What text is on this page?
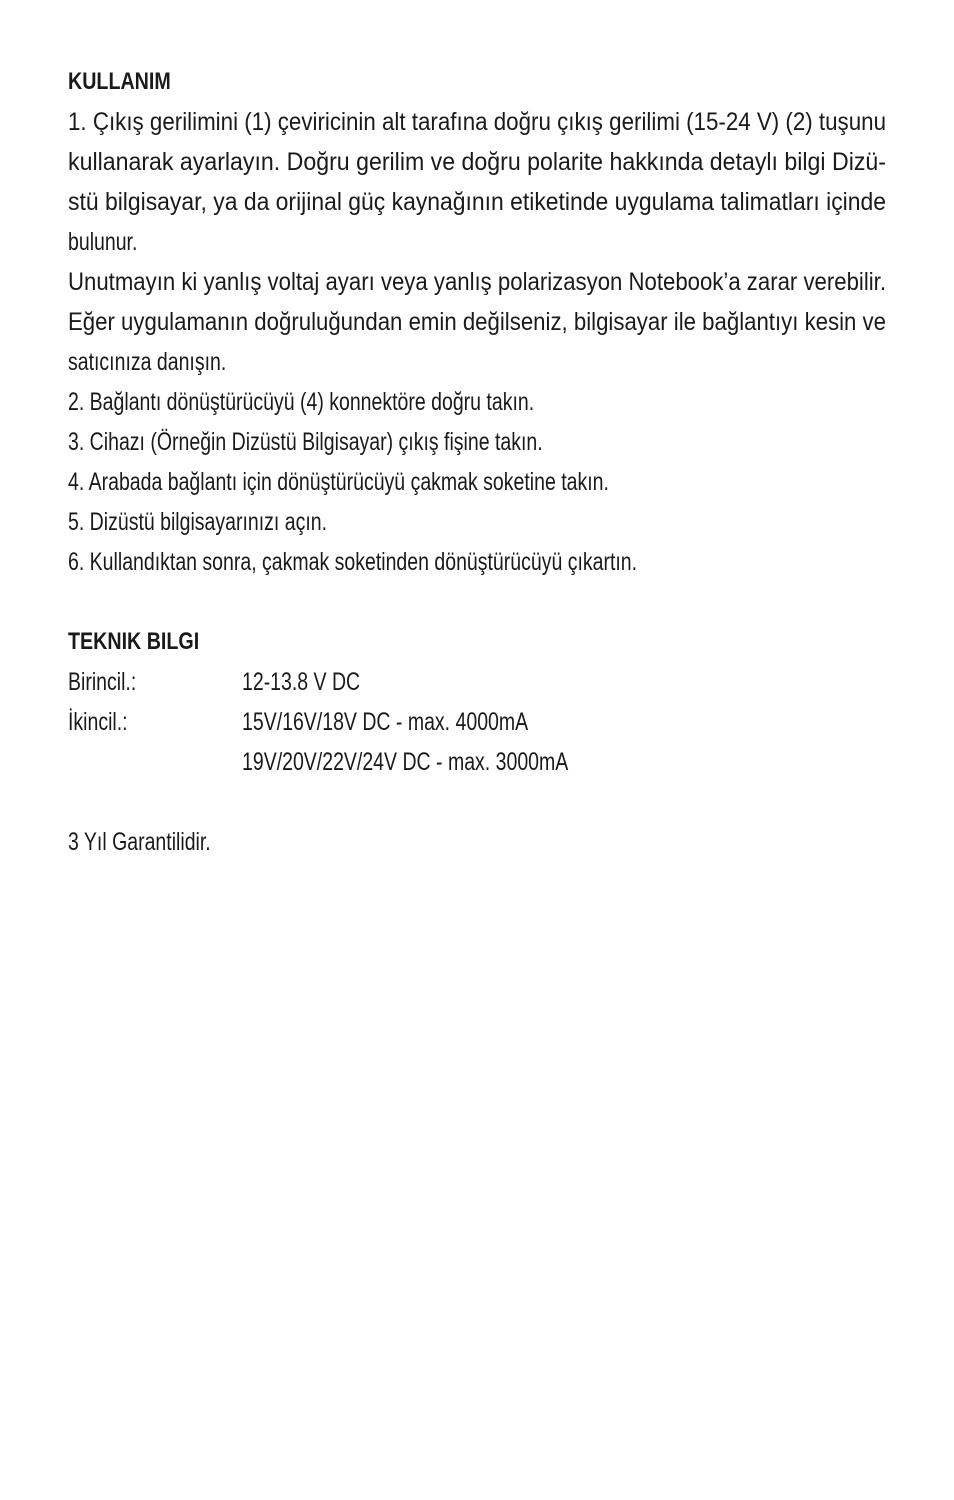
KULLANIM
1. Çıkış gerilimini (1) çeviricinin alt tarafına doğru çıkış gerilimi (15-24 V) (2) tuşunu
kullanarak ayarlayın. Doğru gerilim ve doğru polarite hakkında detaylı bilgi Dizü-
stü bilgisayar, ya da orijinal güç kaynağının etiketinde uygulama talimatları içinde
bulunur.
Unutmayın ki yanlış voltaj ayarı veya yanlış polarizasyon Notebook’a zarar verebilir.
Eğer uygulamanın doğruluğundan emin değilseniz, bilgisayar ile bağlantıyı kesin ve
satıcınıza danışın.
2. Bağlantı dönüştürücüyü (4) konnektöre doğru takın.
3. Cihazı (Örneğin Dizüstü Bilgisayar) çıkış fişine takın.
4. Arabada bağlantı için dönüştürücüyü çakmak soketine takın.
5. Dizüstü bilgisayarınızı açın.
6. Kullandıktan sonra, çakmak soketinden dönüştürücüyü çıkartın.
TEKNIK BILGI
Birincil.:	12-13.8 V DC
İkincil.:	15V/16V/18V DC - max. 4000mA
19V/20V/22V/24V DC - max. 3000mA
3 Yıl Garantilidir.
